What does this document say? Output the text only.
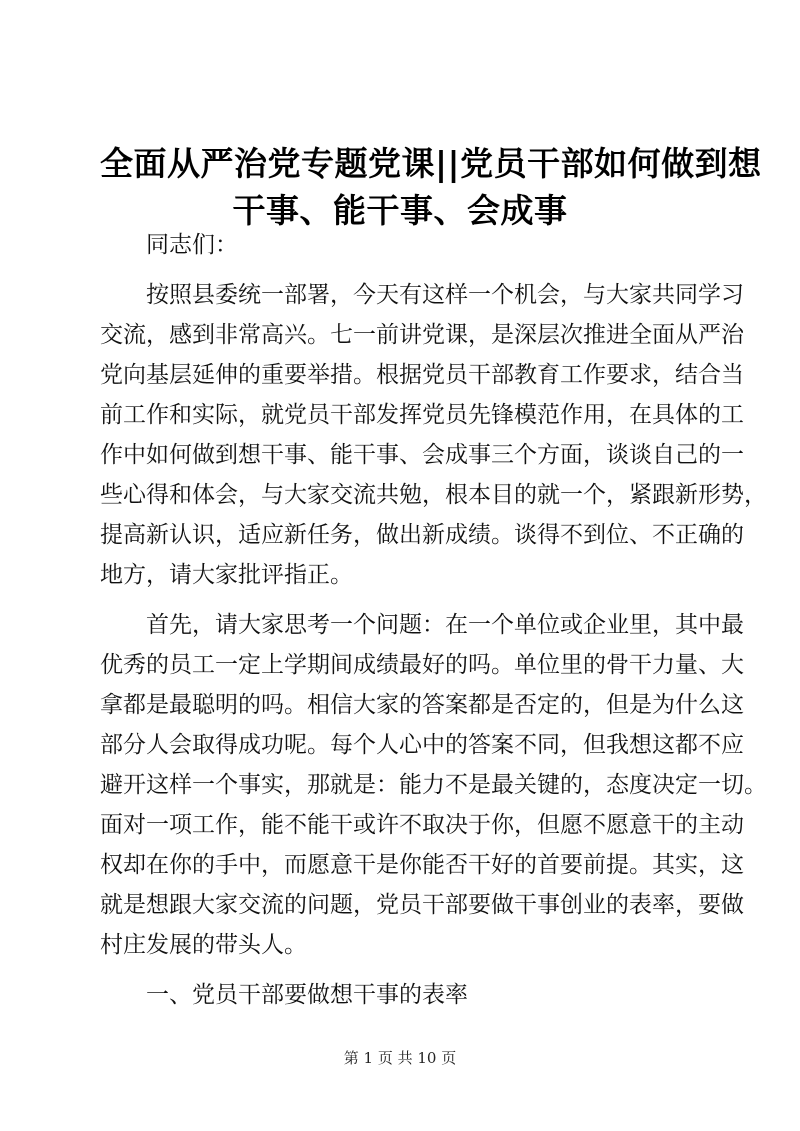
全面从严治党专题党课||党员干部如何做到想
干事、能干事、会成事
同志们：
按照县委统一部署，今天有这样一个机会，与大家共同学习
交流，感到非常高兴。七一前讲党课，是深层次推进全面从严治
党向基层延伸的重要举措。根据党员干部教育工作要求，结合当
前工作和实际，就党员干部发挥党员先锋模范作用，在具体的工
作中如何做到想干事、能干事、会成事三个方面，谈谈自己的一
些心得和体会，与大家交流共勉，根本目的就一个，紧跟新形势，
提高新认识，适应新任务，做出新成绩。谈得不到位、不正确的
地方，请大家批评指正。
首先，请大家思考一个问题：在一个单位或企业里，其中最
优秀的员工一定上学期间成绩最好的吗。单位里的骨干力量、大
拿都是最聪明的吗。相信大家的答案都是否定的，但是为什么这
部分人会取得成功呢。每个人心中的答案不同，但我想这都不应
避开这样一个事实，那就是：能力不是最关键的，态度决定一切。
面对一项工作，能不能干或许不取决于你，但愿不愿意干的主动
权却在你的手中，而愿意干是你能否干好的首要前提。其实，这
就是想跟大家交流的问题，党员干部要做干事创业的表率，要做
村庄发展的带头人。
一、党员干部要做想干事的表率
第 1 页 共 10 页
